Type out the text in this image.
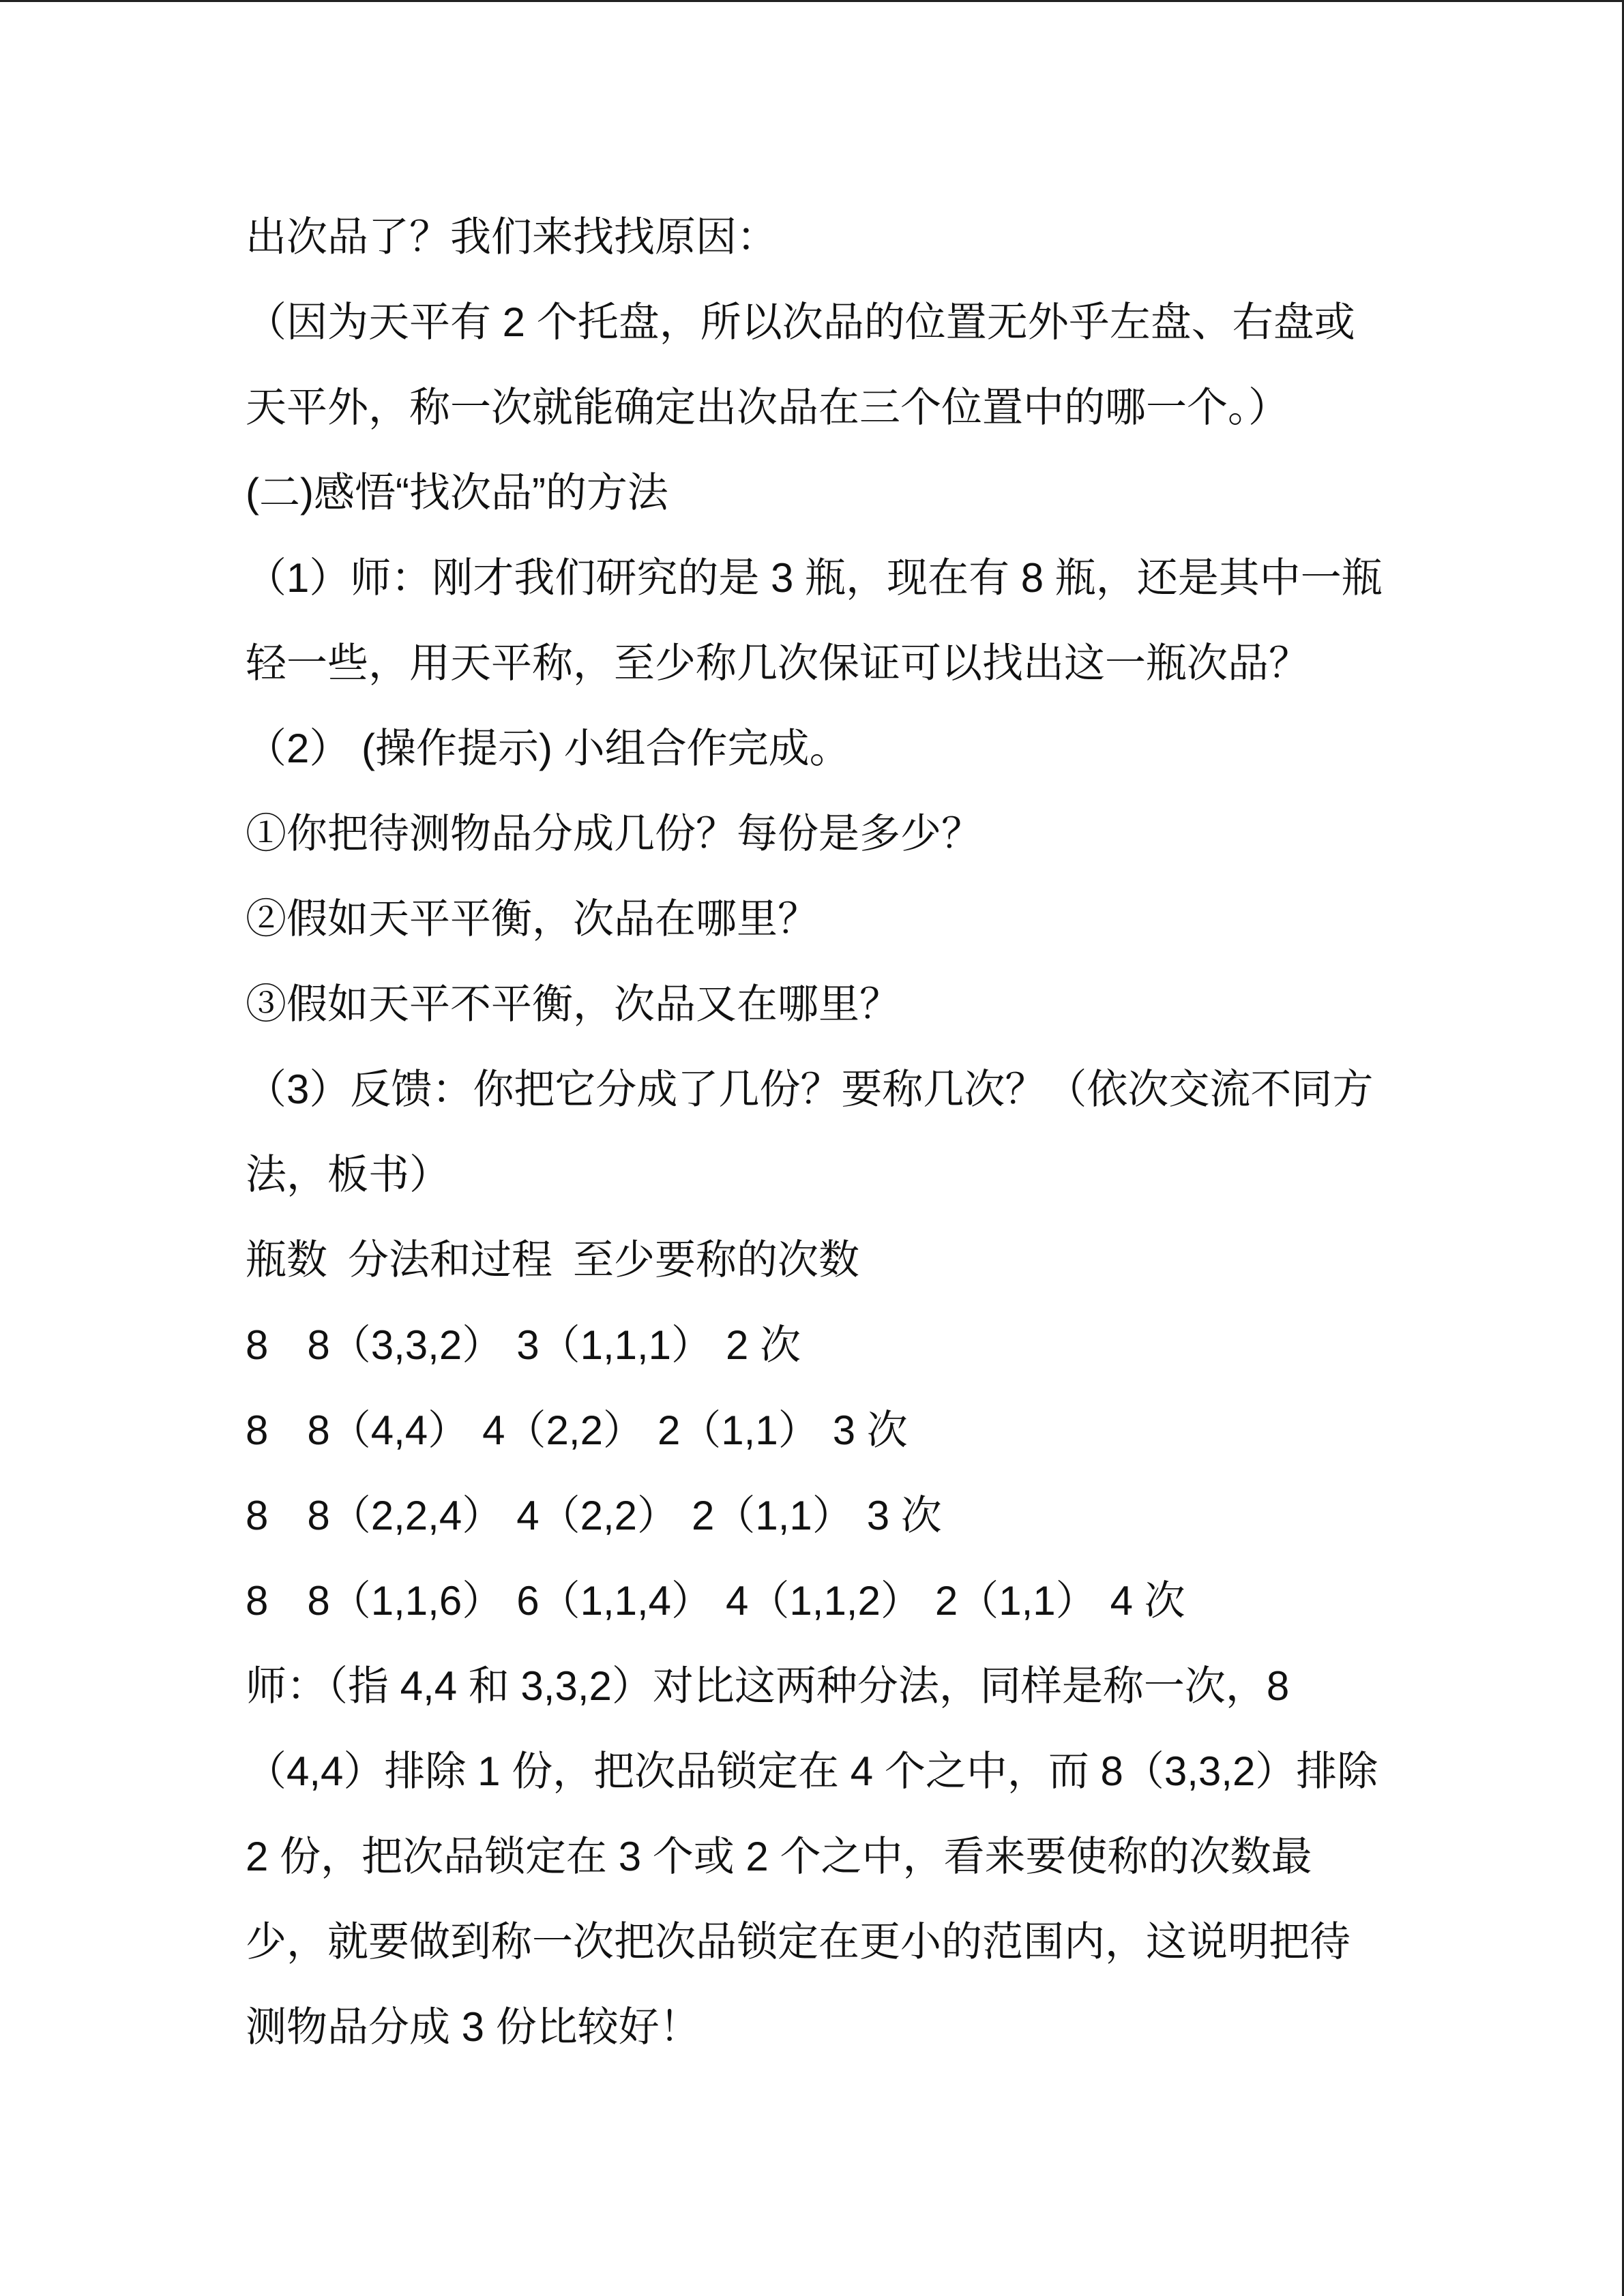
出次品了？我们来找找原因：
（因为天平有 2 个托盘，所以次品的位置无外乎左盘、右盘或
天平外，称一次就能确定出次品在三个位置中的哪一个。）
(二)感悟“找次品”的方法
（1）师：刚才我们研究的是 3 瓶，现在有 8 瓶，还是其中一瓶
轻一些，用天平称，至少称几次保证可以找出这一瓶次品？
（2） (操作提示) 小组合作完成。
①你把待测物品分成几份？每份是多少？
②假如天平平衡，次品在哪里？
③假如天平不平衡，次品又在哪里？
（3）反馈：你把它分成了几份？要称几次？（依次交流不同方
法，板书）
瓶数 分法和过程 至少要称的次数
8 8（3,3,2） 3（1,1,1） 2 次
8 8（4,4） 4（2,2） 2（1,1） 3 次
8 8（2,2,4） 4（2,2） 2（1,1） 3 次
8 8（1,1,6） 6（1,1,4） 4（1,1,2） 2（1,1） 4 次
师：（指 4,4 和 3,3,2）对比这两种分法，同样是称一次，8
（4,4）排除 1 份，把次品锁定在 4 个之中，而 8（3,3,2）排除
2 份，把次品锁定在 3 个或 2 个之中，看来要使称的次数最
少，就要做到称一次把次品锁定在更小的范围内，这说明把待
测物品分成 3 份比较好！
